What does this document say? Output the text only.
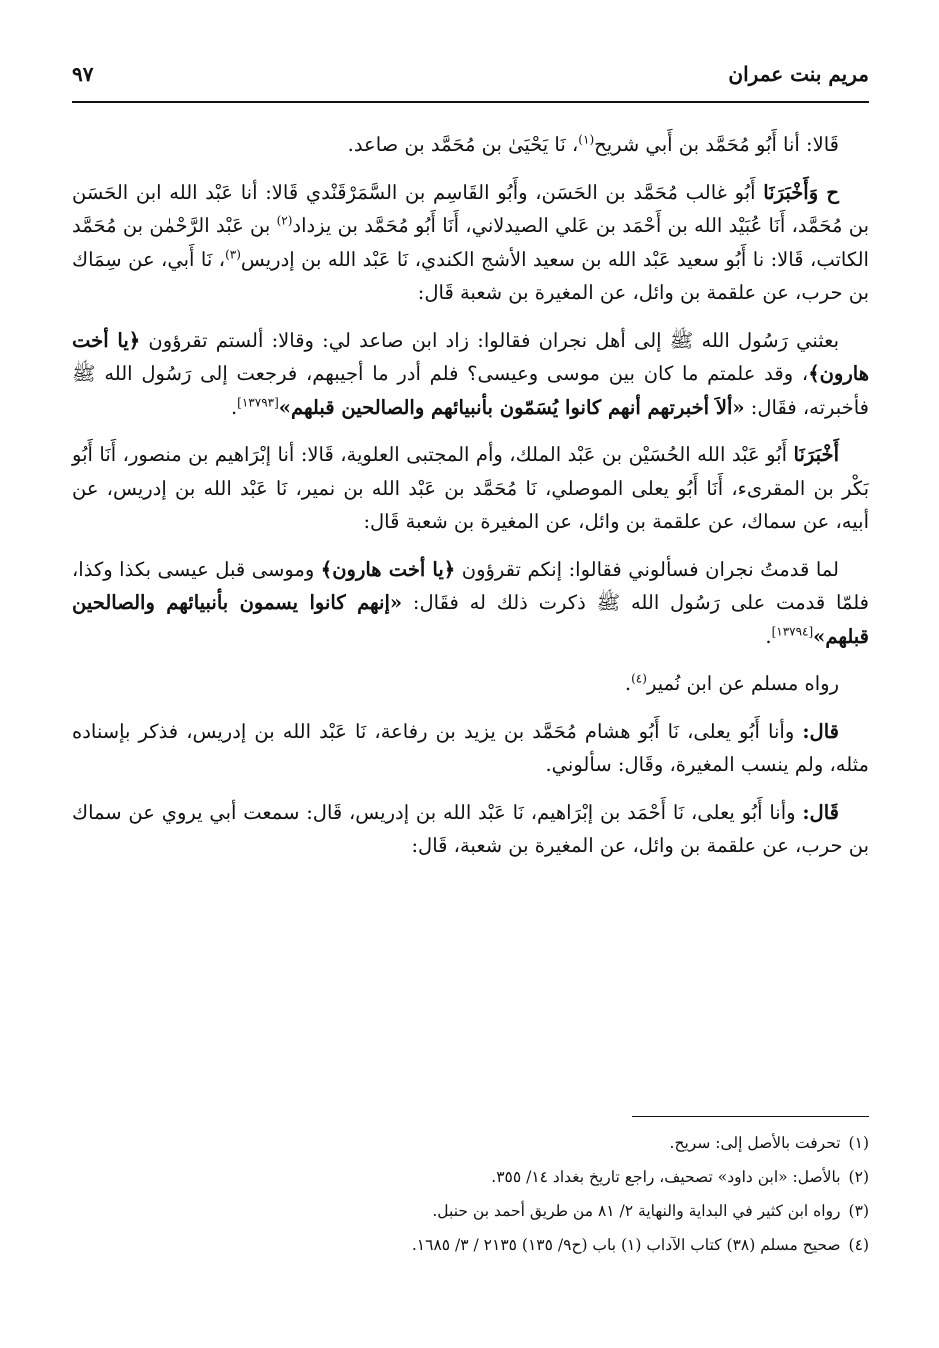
مريم بنت عمران
٩٧

قَالا: أنا أَبُو مُحَمَّد بن أَبي شريح$^{(١)}$، نَا يَحْيَىٰ بن مُحَمَّد بن صاعد.

ح وَأَخْبَرَنَا أَبُو غالب مُحَمَّد بن الحَسَن، وأَبُو القَاسِم بن السَّمَرْقَنْدي قَالا: أنا عَبْد الله ابن الحَسَن بن مُحَمَّد، أَنَا عُبَيْد الله بن أَحْمَد بن عَلي الصيدلاني، أَنَا أَبُو مُحَمَّد بن يزداد$^{(٢)}$ بن عَبْد الرَّحْمٰن بن مُحَمَّد الكاتب، قَالا: نا أَبُو سعيد عَبْد الله بن سعيد الأشج الكندي، نَا عَبْد الله بن إدريس$^{(٣)}$، نَا أَبي، عن سِمَاك بن حرب، عن علقمة بن وائل، عن المغيرة بن شعبة قَال:

بعثني رَسُول الله ﷺ إلى أهل نجران فقالوا: زاد ابن صاعد لي: وقالا: ألستم تقرؤون ﴿يا أخت هارون﴾، وقد علمتم ما كان بين موسى وعيسى؟ فلم أدر ما أجيبهم، فرجعت إلى رَسُول الله ﷺ فأخبرته، فقَال: «ألاَ أخبرتهم أنهم كانوا يُسَمّون بأنبيائهم والصالحين قبلهم»[١٣٧٩٣].

أَخْبَرَنَا أَبُو عَبْد الله الحُسَيْن بن عَبْد الملك، وأم المجتبى العلوية، قَالا: أنا إبْرَاهيم بن منصور، أَنَا أَبُو بَكْر بن المقرىء، أَنَا أَبُو يعلى الموصلي، نَا مُحَمَّد بن عَبْد الله بن نمير، نَا عَبْد الله بن إدريس، عن أبيه، عن سماك، عن علقمة بن وائل، عن المغيرة بن شعبة قَال:

لما قدمتُ نجران فسألوني فقالوا: إنكم تقرؤون ﴿يا أخت هارون﴾ وموسى قبل عيسى بكذا وكذا، فلمّا قدمت على رَسُول الله ﷺ ذكرت ذلك له فقَال: «إنهم كانوا يسمون بأنبيائهم والصالحين قبلهم»[١٣٧٩٤].

رواه مسلم عن ابن نُمير$^{(٤)}$.

قال: وأنا أَبُو يعلى، نَا أَبُو هشام مُحَمَّد بن يزيد بن رفاعة، نَا عَبْد الله بن إدريس، فذكر بإسناده مثله، ولم ينسب المغيرة، وقَال: سألوني.

قَال: وأنا أَبُو يعلى، نَا أَحْمَد بن إبْرَاهيم، نَا عَبْد الله بن إدريس، قَال: سمعت أبي يروي عن سماك بن حرب، عن علقمة بن وائل، عن المغيرة بن شعبة، قَال:

(١)تحرفت بالأصل إلى: سريح.

(٢)بالأصل: «ابن داود» تصحيف، راجع تاريخ بغداد ١٤/ ٣٥٥.

(٣)رواه ابن كثير في البداية والنهاية ٢/ ٨١ من طريق أحمد بن حنبل.

(٤)صحيح مسلم (٣٨) كتاب الآداب (١) باب (ح٩/ ١٣٥) ٢١٣٥ / ٣/ ١٦٨٥.
